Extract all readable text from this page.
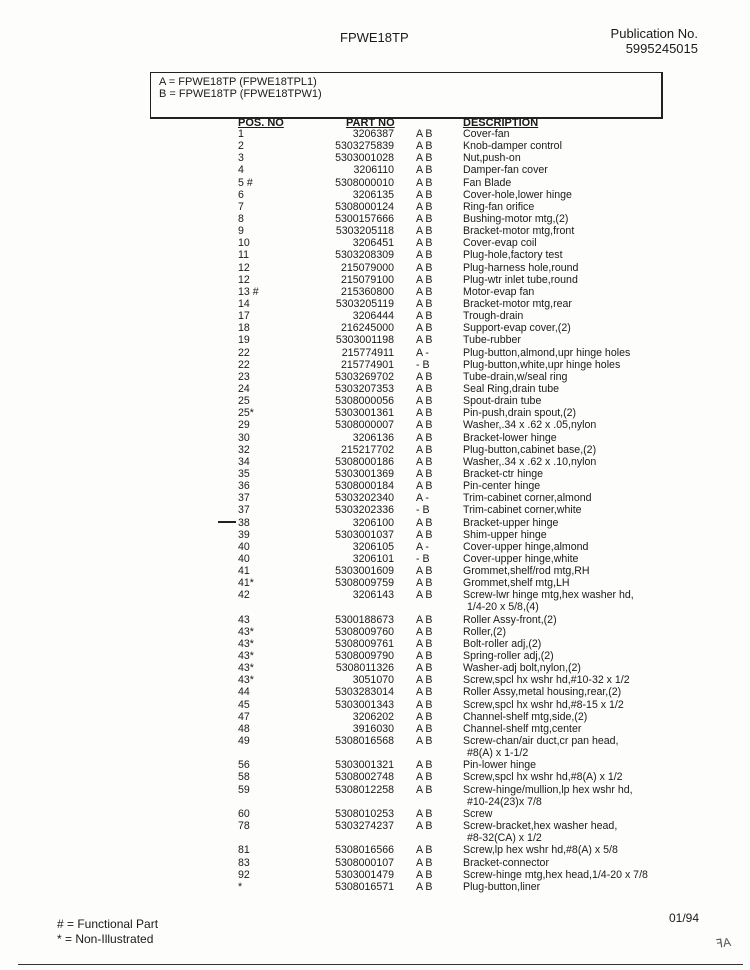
FPWE18TP	Publication No.
5995245015
A = FPWE18TP (FPWE18TPL1)
B = FPWE18TP (FPWE18TPW1)
POS. NO	PART NO	DESCRIPTION
1	3206387 A B	Cover-fan
2	5303275839 A B	Knob-damper control
3	5303001028 A B	Nut,push-on
4	3206110 A B	Damper-fan cover
5 #	5308000010 A B	Fan Blade
6	3206135 A B	Cover-hole,lower hinge
7	5308000124 A B	Ring-fan orifice
8	5300157666 A B	Bushing-motor mtg,(2)
9	5303205118 A B	Bracket-motor mtg,front
10	3206451 A B	Cover-evap coil
11	5303208309 A B	Plug-hole,factory test
12	215079000 A B	Plug-harness hole,round
12	215079100 A B	Plug-wtr inlet tube,round
13 #	215360800 A B	Motor-evap fan
14	5303205119 A B	Bracket-motor mtg,rear
17	3206444 A B	Trough-drain
18	216245000 A B	Support-evap cover,(2)
19	5303001198 A B	Tube-rubber
22	215774911 A -	Plug-button,almond,upr hinge holes
22	215774901 - B	Plug-button,white,upr hinge holes
23	5303269702 A B	Tube-drain,w/seal ring
24	5303207353 A B	Seal Ring,drain tube
25	5308000056 A B	Spout-drain tube
25*	5303001361 A B	Pin-push,drain spout,(2)
29	5308000007 A B	Washer,.34 x .62 x .05,nylon
30	3206136 A B	Bracket-lower hinge
32	215217702 A B	Plug-button,cabinet base,(2)
34	5308000186 A B	Washer,.34 x .62 x .10,nylon
35	5303001369 A B	Bracket-ctr hinge
36	5308000184 A B	Pin-center hinge
37	5303202340 A -	Trim-cabinet corner,almond
37	5303202336 - B	Trim-cabinet corner,white
38	3206100 A B	Bracket-upper hinge
39	5303001037 A B	Shim-upper hinge
40	3206105 A -	Cover-upper hinge,almond
40	3206101 - B	Cover-upper hinge,white
41	5303001609 A B	Grommet,shelf/rod mtg,RH
41*	5308009759 A B	Grommet,shelf mtg,LH
42	3206143 A B	Screw-lwr hinge mtg,hex washer hd,
1/4-20 x 5/8,(4)
43	5300188673 A B	Roller Assy-front,(2)
43*	5308009760 A B	Roller,(2)
43*	5308009761 A B	Bolt-roller adj,(2)
43*	5308009790 A B	Spring-roller adj,(2)
43*	5308011326 A B	Washer-adj bolt,nylon,(2)
43*	3051070 A B	Screw,spcl hx wshr hd,#10-32 x 1/2
44	5303283014 A B	Roller Assy,metal housing,rear,(2)
45	5303001343 A B	Screw,spcl hx wshr hd,#8-15 x 1/2
47	3206202 A B	Channel-shelf mtg,side,(2)
48	3916030 A B	Channel-shelf mtg,center
49	5308016568 A B	Screw-chan/air duct,cr pan head,
#8(A) x 1-1/2
56	5303001321 A B	Pin-lower hinge
58	5308002748 A B	Screw,spcl hx wshr hd,#8(A) x 1/2
59	5308012258 A B	Screw-hinge/mullion,lp hex wshr hd,
#10-24(23)x 7/8
60	5308010253 A B	Screw
78	5303274237 A B	Screw-bracket,hex washer head,
#8-32(CA) x 1/2
81	5308016566 A B	Screw,lp hex wshr hd,#8(A) x 5/8
83	5308000107 A B	Bracket-connector
92	5303001479 A B	Screw-hinge mtg,hex head,1/4-20 x 7/8
*	5308016571 A B	Plug-button,liner
# = Functional Part
* = Non-Illustrated
01/94
ꟻA
